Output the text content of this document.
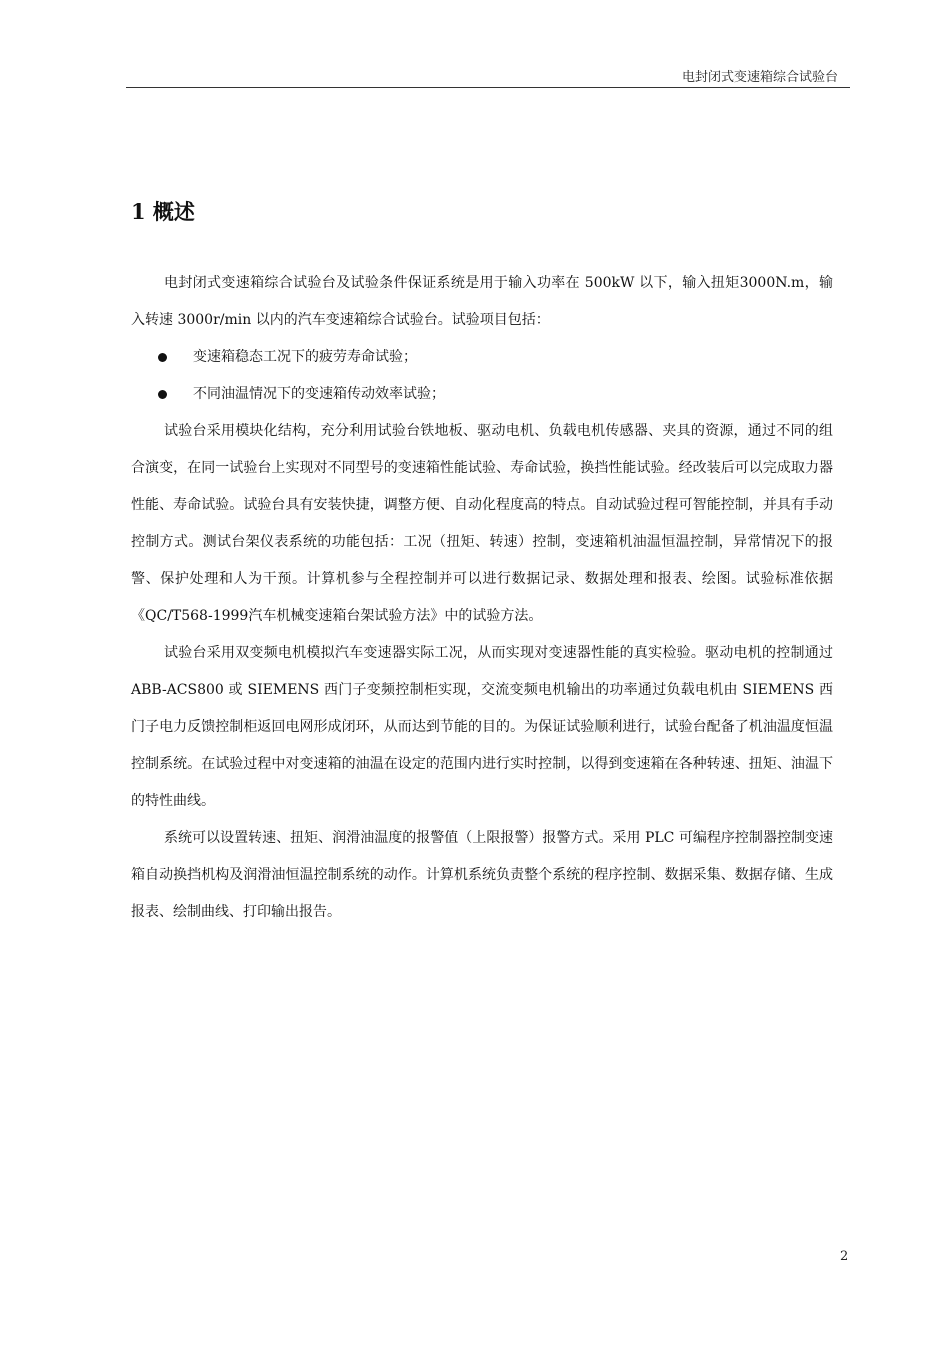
电封闭式变速箱综合试验台
1 概述

电封闭式变速箱综合试验台及试验条件保证系统是用于输入功率在 500kW 以下，输入扭矩3000N.m，输入转速 3000r/min 以内的汽车变速箱综合试验台。试验项目包括：

变速箱稳态工况下的疲劳寿命试验；
不同油温情况下的变速箱传动效率试验；

试验台采用模块化结构，充分利用试验台铁地板、驱动电机、负载电机传感器、夹具的资源，通过不同的组合演变，在同一试验台上实现对不同型号的变速箱性能试验、寿命试验，换挡性能试验。经改装后可以完成取力器性能、寿命试验。试验台具有安装快捷，调整方便、自动化程度高的特点。自动试验过程可智能控制，并具有手动控制方式。测试台架仪表系统的功能包括：工况（扭矩、转速）控制，变速箱机油温恒温控制，异常情况下的报警、保护处理和人为干预。计算机参与全程控制并可以进行数据记录、数据处理和报表、绘图。试验标准依据《QC/T568-1999汽车机械变速箱台架试验方法》中的试验方法。

试验台采用双变频电机模拟汽车变速器实际工况，从而实现对变速器性能的真实检验。驱动电机的控制通过 ABB-ACS800 或 SIEMENS 西门子变频控制柜实现，交流变频电机输出的功率通过负载电机由 SIEMENS 西门子电力反馈控制柜返回电网形成闭环，从而达到节能的目的。为保证试验顺利进行，试验台配备了机油温度恒温控制系统。在试验过程中对变速箱的油温在设定的范围内进行实时控制，以得到变速箱在各种转速、扭矩、油温下的特性曲线。

系统可以设置转速、扭矩、润滑油温度的报警值（上限报警）报警方式。采用 PLC 可编程序控制器控制变速箱自动换挡机构及润滑油恒温控制系统的动作。计算机系统负责整个系统的程序控制、数据采集、数据存储、生成报表、绘制曲线、打印输出报告。

2
